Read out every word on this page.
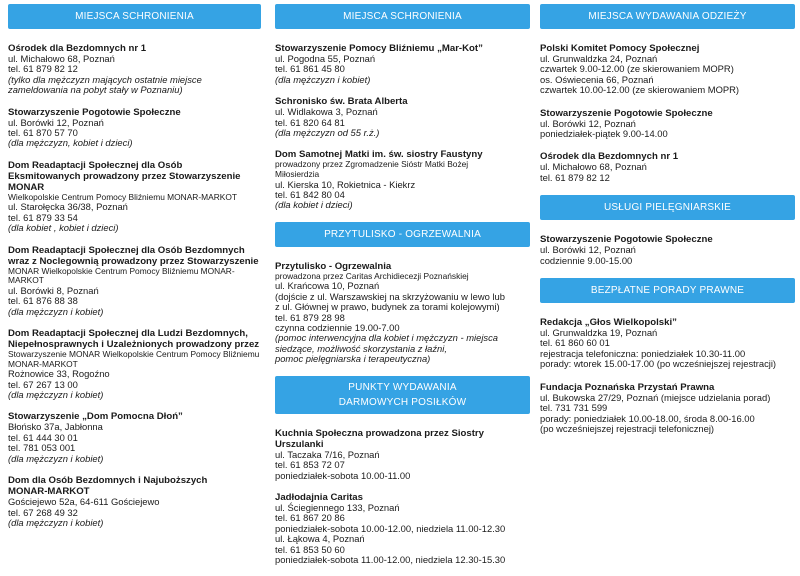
MIEJSCA SCHRONIENIA

Ośrodek dla Bezdomnych nr 1

ul. Michałowo 68, Poznań

tel. 61 879 82 12

(tylko dla mężczyzn mających ostatnie miejsce

zameldowania na pobyt stały w Poznaniu)

Stowarzyszenie Pogotowie Społeczne

ul. Borówki 12, Poznań

tel. 61 870 57 70

(dla mężczyzn, kobiet i dzieci)

Dom Readaptacji Społecznej dla Osób

Eksmitowanych prowadzony przez Stowarzyszenie MONAR

Wielkopolskie Centrum Pomocy Bliźniemu MONAR-MARKOT

ul. Starołęcka 36/38, Poznań

tel. 61 879 33 54

(dla kobiet , kobiet i dzieci)

Dom Readaptacji Społecznej dla Osób Bezdomnych

wraz z Noclegownią prowadzony przez Stowarzyszenie

MONAR Wielkopolskie Centrum Pomocy Bliźniemu MONAR-

MARKOT

ul. Borówki 8, Poznań

tel. 61 876 88 38

(dla mężczyzn i kobiet)

Dom Readaptacji Społecznej dla Ludzi Bezdomnych,

Niepełnosprawnych i Uzależnionych prowadzony przez

Stowarzyszenie MONAR Wielkopolskie Centrum Pomocy Bliźniemu

MONAR-MARKOT

Rożnowice 33, Rogoźno

tel. 67 267 13 00

(dla mężczyzn i kobiet)

Stowarzyszenie „Dom Pomocna Dłoń”

Błońsko 37a, Jabłonna

tel. 61 444 30 01

tel. 781 053 001

(dla mężczyzn i kobiet)

Dom dla Osób Bezdomnych i Najuboższych

MONAR-MARKOT

Gościejewo 52a, 64-611 Gościejewo

tel. 67 268 49 32

(dla mężczyzn i kobiet)

MIEJSCA SCHRONIENIA

Stowarzyszenie Pomocy Bliźniemu „Mar-Kot”

ul. Pogodna 55, Poznań

tel. 61 861 45 80

(dla mężczyzn i kobiet)

Schronisko św. Brata Alberta

ul. Widlakowa 3, Poznań

tel. 61 820 64 81

(dla mężczyzn od 55 r.ż.)

Dom Samotnej Matki im. św. siostry Faustyny

prowadzony przez Zgromadzenie Sióstr Matki Bożej

Miłosierdzia

ul. Kierska 10, Rokietnica - Kiekrz

tel. 61 842 80 04

(dla kobiet i dzieci)

PRZYTULISKO - OGRZEWALNIA

Przytulisko - Ogrzewalnia

prowadzona przez Caritas Archidiecezji Poznańskiej

ul. Krańcowa 10, Poznań

(dojście z ul. Warszawskiej na skrzyżowaniu w lewo lub

z ul. Głównej w prawo, budynek za torami kolejowymi)

tel. 61 879 28 98

czynna codziennie 19.00-7.00

(pomoc interwencyjna dla kobiet i mężczyzn - miejsca

siedzące, możliwość skorzystania z łaźni,

pomoc pielęgniarska i terapeutyczna)

PUNKTY WYDAWANIA
DARMOWYCH POSIŁKÓW

Kuchnia Społeczna prowadzona przez Siostry Urszulanki

ul. Taczaka 7/16, Poznań

tel. 61 853 72 07

poniedziałek-sobota 10.00-11.00

Jadłodajnia Caritas

ul. Ściegiennego 133, Poznań

tel. 61 867 20 86

poniedziałek-sobota 10.00-12.00, niedziela 11.00-12.30

ul. Łąkowa 4, Poznań

tel. 61 853 50 60

poniedziałek-sobota 11.00-12.00, niedziela 12.30-15.30

MIEJSCA WYDAWANIA ODZIEŻY

Polski Komitet Pomocy Społecznej

ul. Grunwaldzka 24, Poznań

czwartek 9.00-12.00 (ze skierowaniem MOPR)

os. Oświecenia 66, Poznań

czwartek 10.00-12.00 (ze skierowaniem MOPR)

Stowarzyszenie Pogotowie Społeczne

ul. Borówki 12, Poznań

poniedziałek-piątek 9.00-14.00

Ośrodek dla Bezdomnych nr 1

ul. Michałowo 68, Poznań

tel. 61 879 82 12

USŁUGI PIELĘGNIARSKIE

Stowarzyszenie Pogotowie Społeczne

ul. Borówki 12, Poznań

codziennie 9.00-15.00

BEZPŁATNE PORADY PRAWNE

Redakcja „Głos Wielkopolski”

ul. Grunwaldzka 19, Poznań

tel. 61 860 60 01

rejestracja telefoniczna: poniedziałek 10.30-11.00

porady: wtorek 15.00-17.00 (po wcześniejszej rejestracji)

Fundacja Poznańska Przystań Prawna

ul. Bukowska 27/29, Poznań (miejsce udzielania porad)

tel. 731 731 599

porady: poniedziałek 10.00-18.00, środa 8.00-16.00

(po wcześniejszej rejestracji telefonicznej)
